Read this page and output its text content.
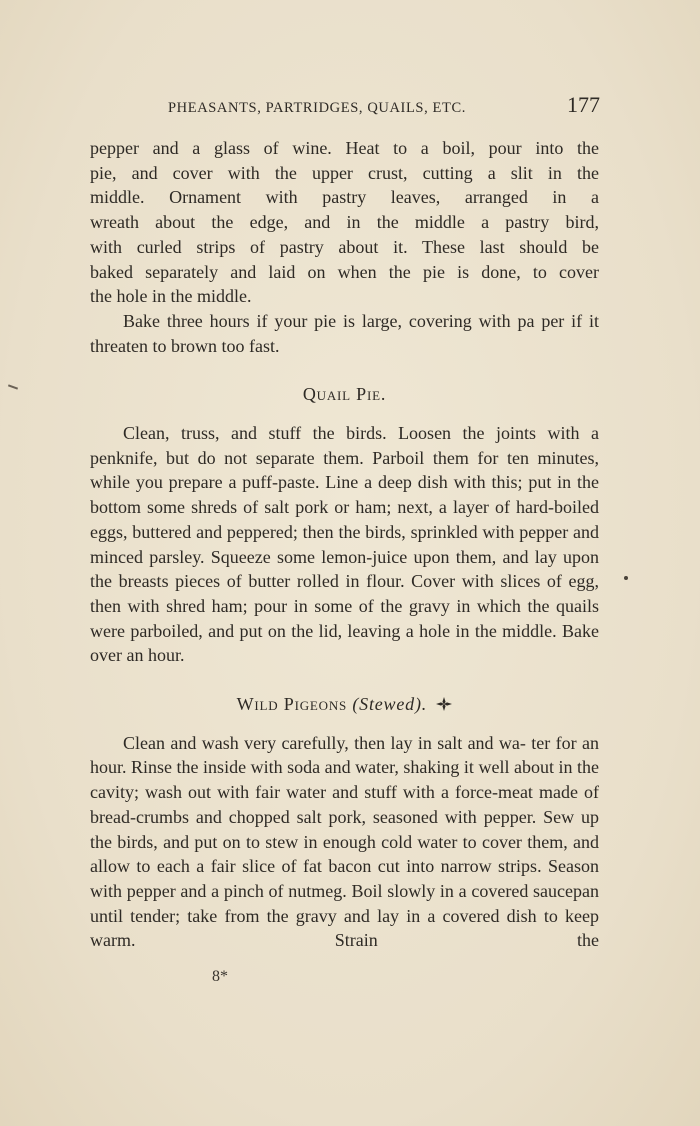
PHEASANTS, PARTRIDGES, QUAILS, ETC.	177

pepper and a glass of wine. Heat to a boil, pour into the

pie, and cover with the upper crust, cutting a slit in the

middle. Ornament with pastry leaves, arranged in a

wreath about the edge, and in the middle a pastry bird,

with curled strips of pastry about it. These last should be

baked separately and laid on when the pie is done, to cover

the hole in the middle.

Bake three hours if your pie is large, covering with pa per if it threaten to brown too fast.

Quail Pie.

Clean, truss, and stuff the birds. Loosen the joints with a penknife, but do not separate them. Parboil them for ten minutes, while you prepare a puff-paste. Line a deep dish with this; put in the bottom some shreds of salt pork or ham; next, a layer of hard-boiled eggs, buttered and peppered; then the birds, sprinkled with pepper and minced parsley. Squeeze some lemon-juice upon them, and lay upon the breasts pieces of butter rolled in flour. Cover with slices of egg, then with shred ham; pour in some of the gravy in which the quails were parboiled, and put on the lid, leaving a hole in the middle. Bake over an hour.

Wild Pigeons (Stewed).

Clean and wash very carefully, then lay in salt and wa- ter for an hour. Rinse the inside with soda and water, shaking it well about in the cavity; wash out with fair water and stuff with a force-meat made of bread-crumbs and chopped salt pork, seasoned with pepper. Sew up the birds, and put on to stew in enough cold water to cover them, and allow to each a fair slice of fat bacon cut into narrow strips. Season with pepper and a pinch of nutmeg. Boil slowly in a covered saucepan until tender; take from the gravy and lay in a covered dish to keep warm. Strain the

8*
